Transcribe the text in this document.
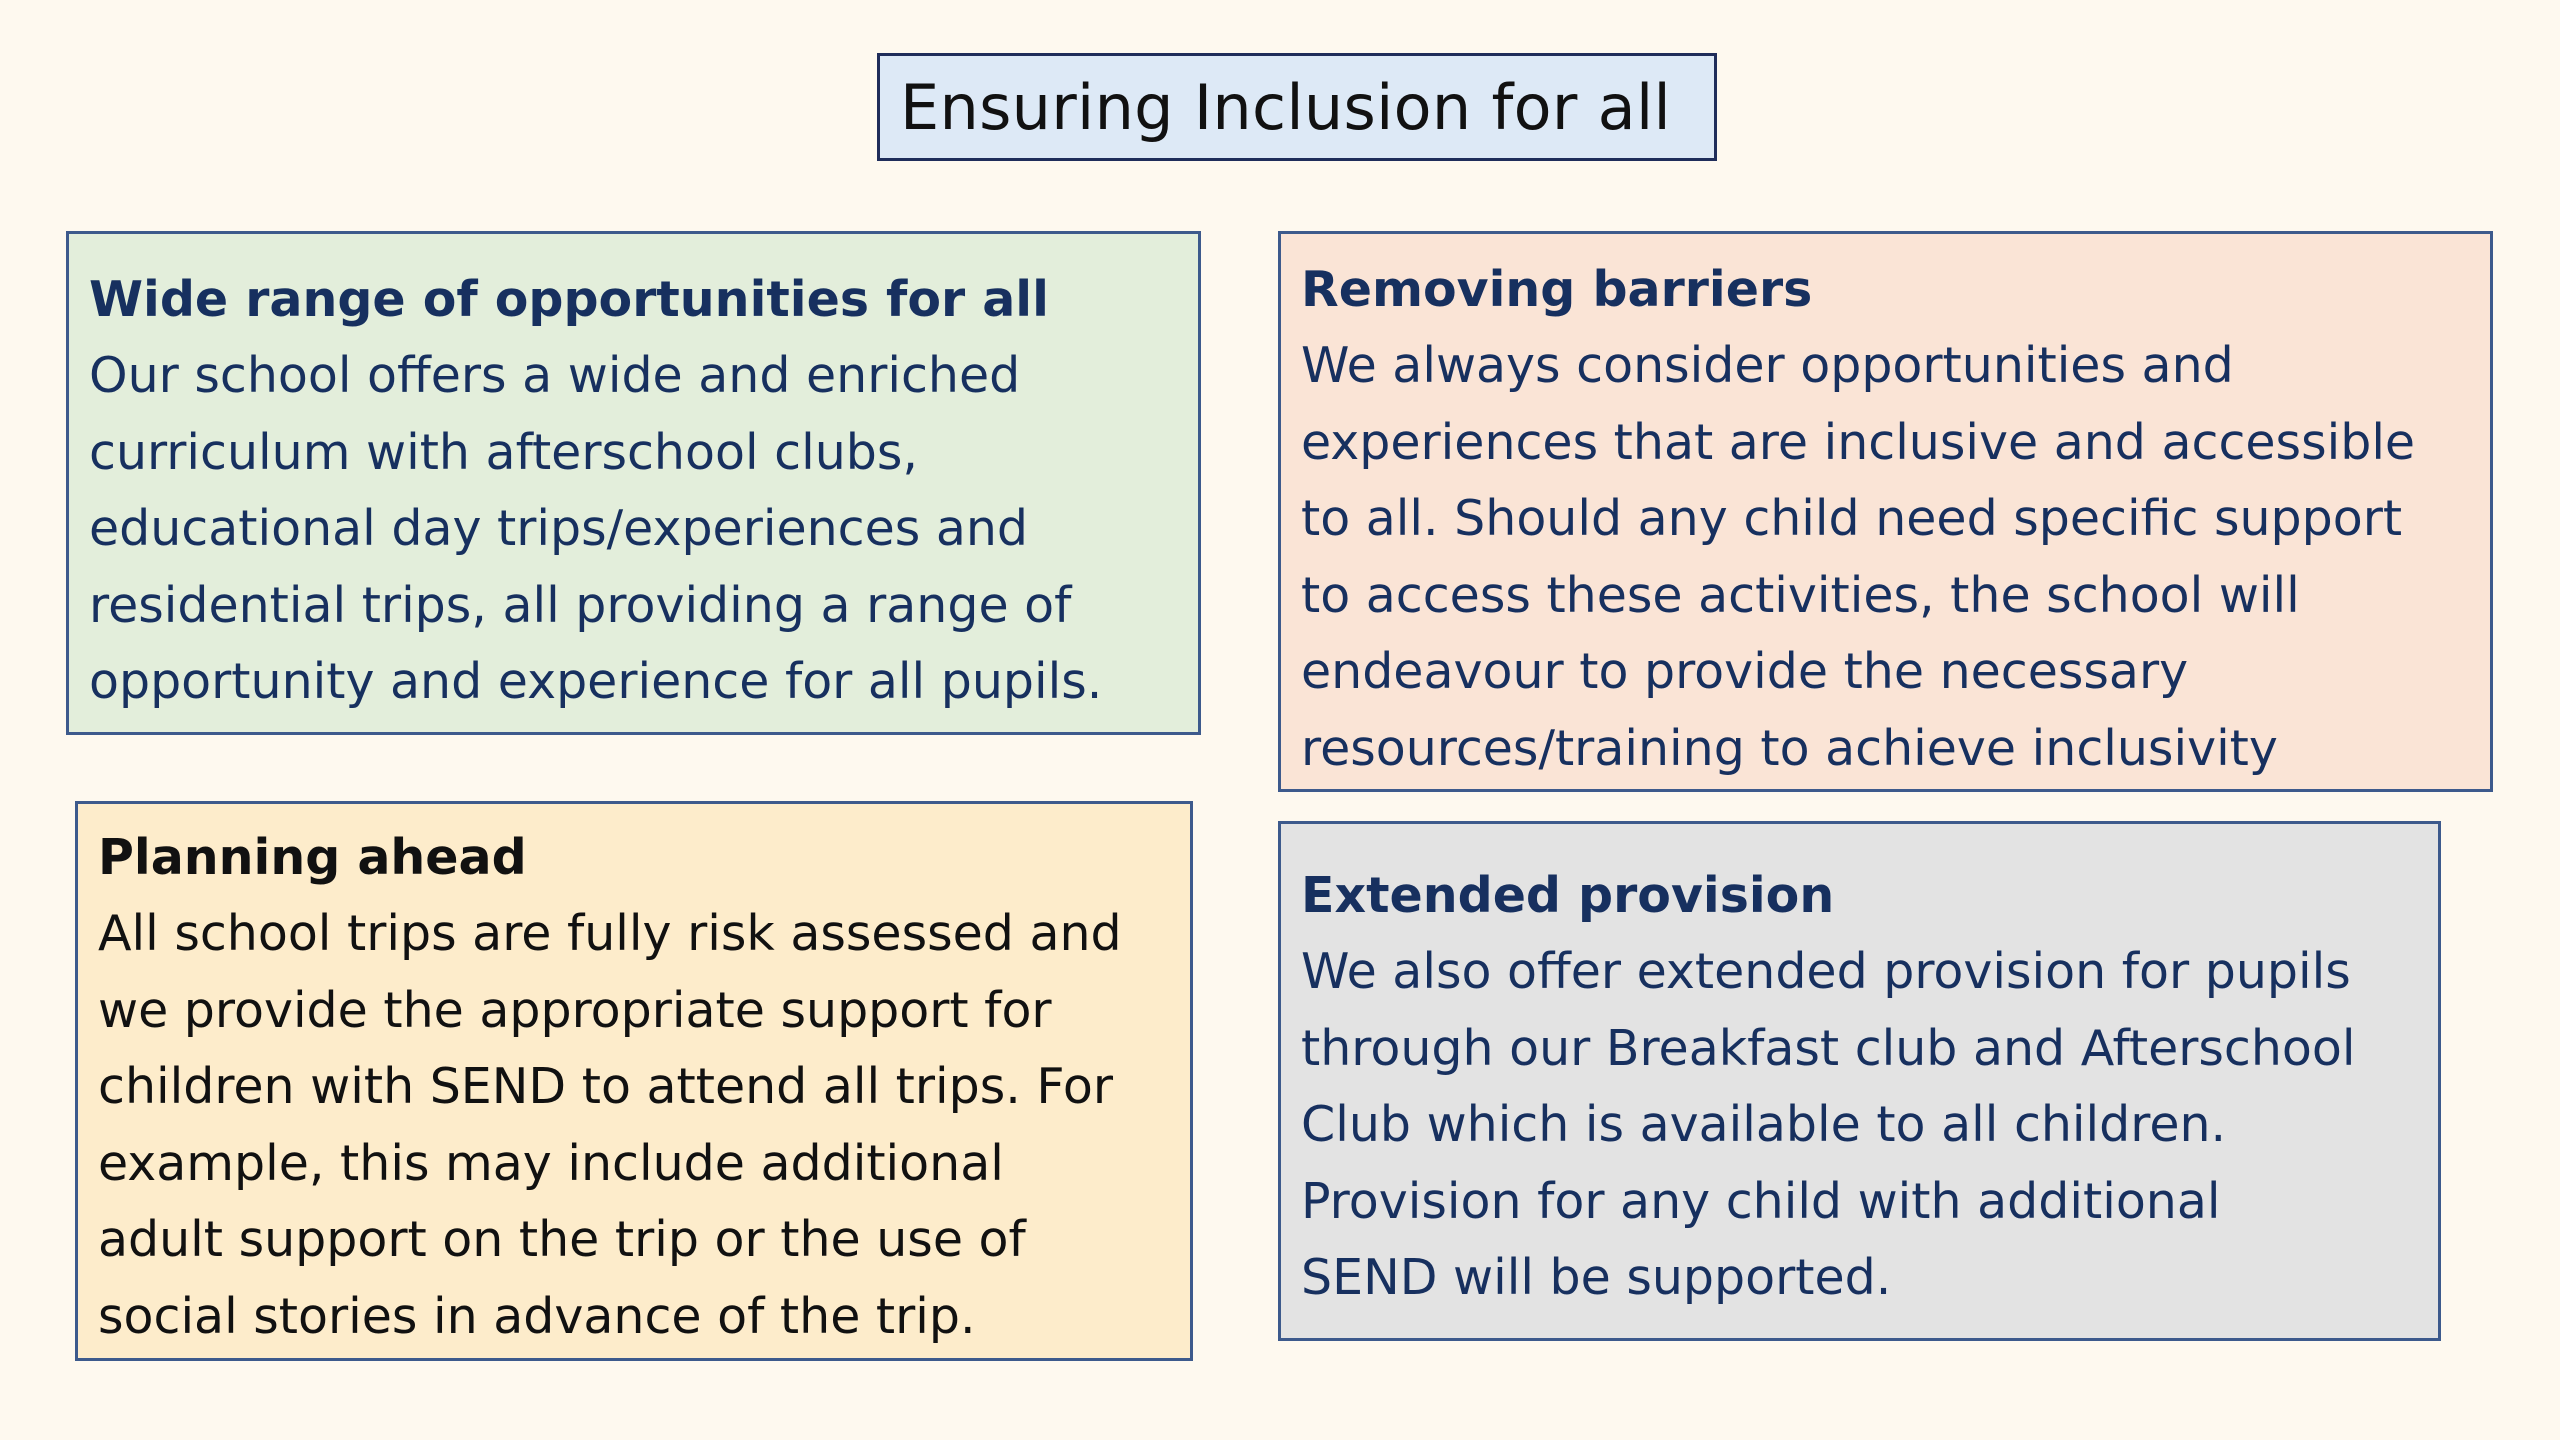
Ensuring Inclusion for all
Wide range of opportunities for all
Our school offers a wide and enriched
curriculum with afterschool clubs,
educational day trips/experiences and
residential trips, all providing a range of
opportunity and experience for all pupils.
Removing barriers
We always consider opportunities and
experiences that are inclusive and accessible
to all. Should any child need specific support
to access these activities, the school will
endeavour to provide the necessary
resources/training to achieve inclusivity
Planning ahead
All school trips are fully risk assessed and
we provide the appropriate support for
children with SEND to attend all trips. For
example, this may include additional
adult support on the trip or the use of
social stories in advance of the trip.
Extended provision
We also offer extended provision for pupils
through our Breakfast club and Afterschool
Club which is available to all children.
Provision for any child with additional
SEND will be supported.
